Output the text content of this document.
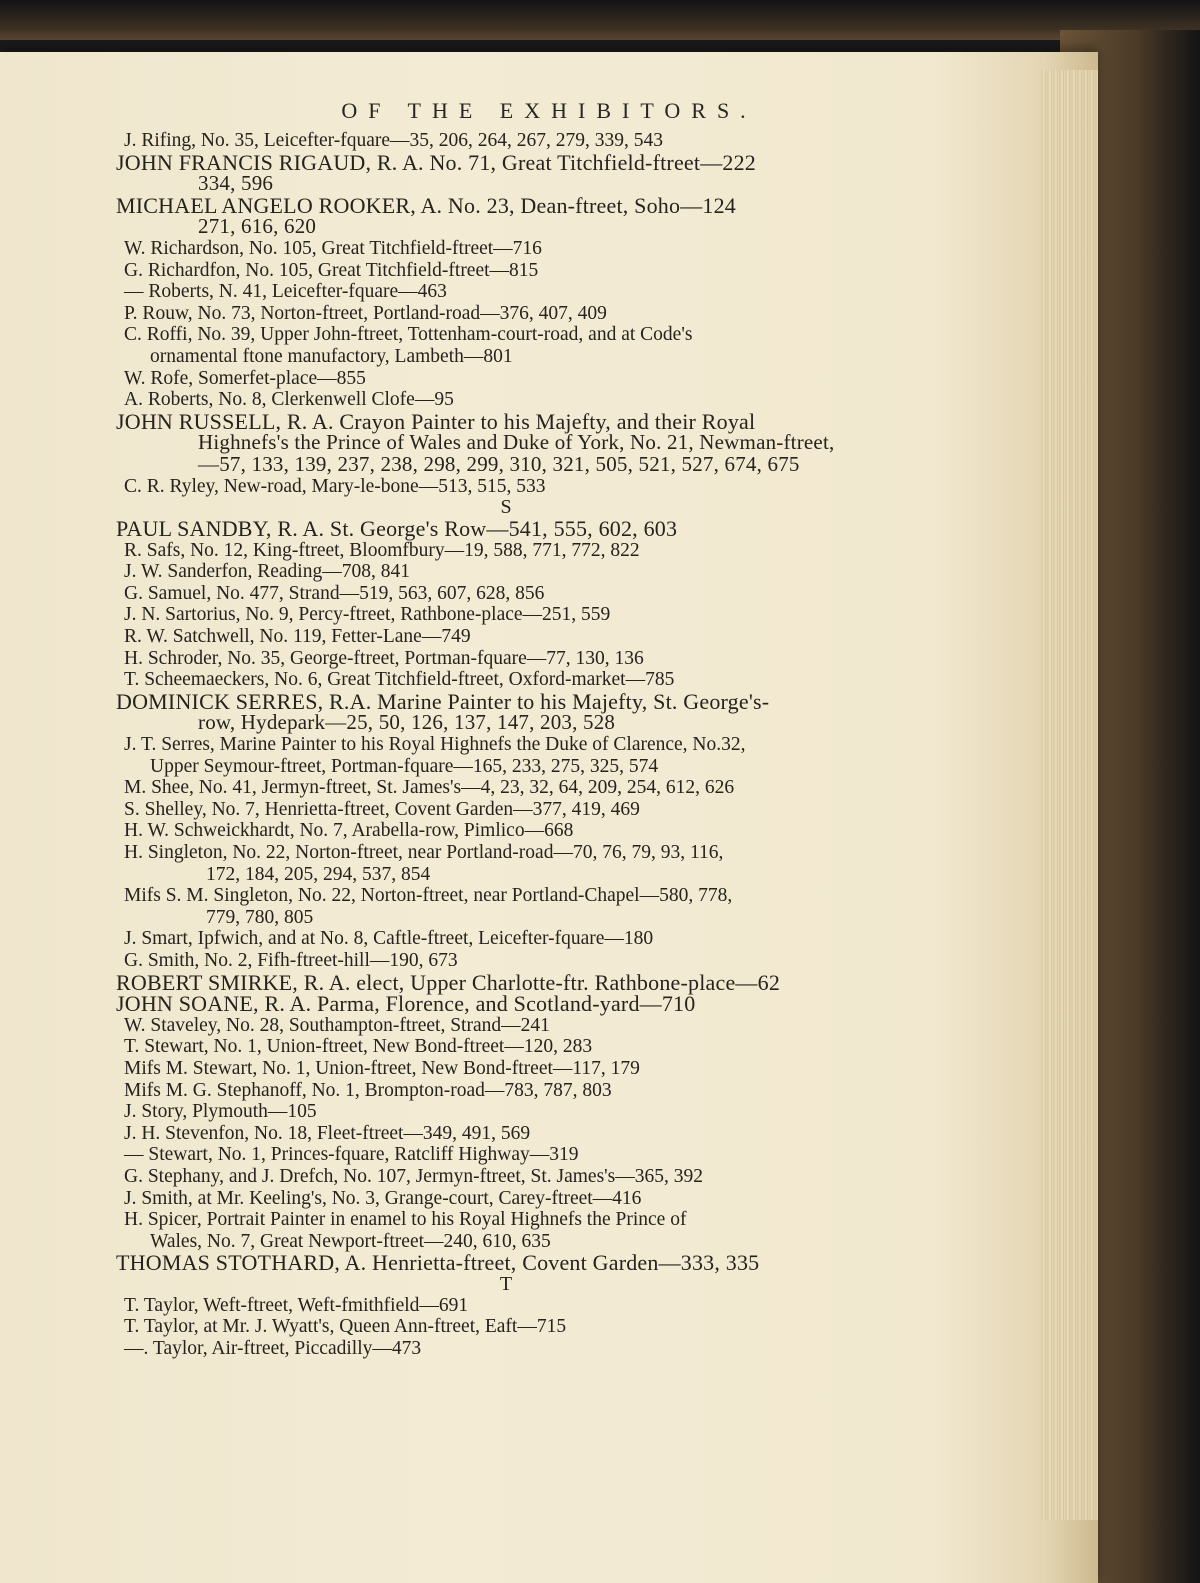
OF THE EXHIBITORS.
J. Rifing, No. 35, Leicefter-fquare—35, 206, 264, 267, 279, 339, 543
JOHN FRANCIS RIGAUD, R. A. No. 71, Great Titchfield-ftreet—222
334, 596
MICHAEL ANGELO ROOKER, A. No. 23, Dean-ftreet, Soho—124
271, 616, 620
W. Richardson, No. 105, Great Titchfield-ftreet—716
G. Richardfon, No. 105, Great Titchfield-ftreet—815
— Roberts, N. 41, Leicefter-fquare—463
P. Rouw, No. 73, Norton-ftreet, Portland-road—376, 407, 409
C. Roffi, No. 39, Upper John-ftreet, Tottenham-court-road, and at Code's
ornamental ftone manufactory, Lambeth—801
W. Rofe, Somerfet-place—855
A. Roberts, No. 8, Clerkenwell Clofe—95
JOHN RUSSELL, R. A. Crayon Painter to his Majefty, and their Royal
Highnefs's the Prince of Wales and Duke of York, No. 21, Newman-ftreet,
—57, 133, 139, 237, 238, 298, 299, 310, 321, 505, 521, 527, 674, 675
C. R. Ryley, New-road, Mary-le-bone—513, 515, 533
S
PAUL SANDBY, R. A. St. George's Row—541, 555, 602, 603
R. Safs, No. 12, King-ftreet, Bloomfbury—19, 588, 771, 772, 822
J. W. Sanderfon, Reading—708, 841
G. Samuel, No. 477, Strand—519, 563, 607, 628, 856
J. N. Sartorius, No. 9, Percy-ftreet, Rathbone-place—251, 559
R. W. Satchwell, No. 119, Fetter-Lane—749
H. Schroder, No. 35, George-ftreet, Portman-fquare—77, 130, 136
T. Scheemaeckers, No. 6, Great Titchfield-ftreet, Oxford-market—785
DOMINICK SERRES, R.A. Marine Painter to his Majefty, St. George's-
row, Hydepark—25, 50, 126, 137, 147, 203, 528
J. T. Serres, Marine Painter to his Royal Highnefs the Duke of Clarence, No.32,
Upper Seymour-ftreet, Portman-fquare—165, 233, 275, 325, 574
M. Shee, No. 41, Jermyn-ftreet, St. James's—4, 23, 32, 64, 209, 254, 612, 626
S. Shelley, No. 7, Henrietta-ftreet, Covent Garden—377, 419, 469
H. W. Schweickhardt, No. 7, Arabella-row, Pimlico—668
H. Singleton, No. 22, Norton-ftreet, near Portland-road—70, 76, 79, 93, 116,
172, 184, 205, 294, 537, 854
Mifs S. M. Singleton, No. 22, Norton-ftreet, near Portland-Chapel—580, 778,
779, 780, 805
J. Smart, Ipfwich, and at No. 8, Caftle-ftreet, Leicefter-fquare—180
G. Smith, No. 2, Fifh-ftreet-hill—190, 673
ROBERT SMIRKE, R. A. elect, Upper Charlotte-ftr. Rathbone-place—62
JOHN SOANE, R. A. Parma, Florence, and Scotland-yard—710
W. Staveley, No. 28, Southampton-ftreet, Strand—241
T. Stewart, No. 1, Union-ftreet, New Bond-ftreet—120, 283
Mifs M. Stewart, No. 1, Union-ftreet, New Bond-ftreet—117, 179
Mifs M. G. Stephanoff, No. 1, Brompton-road—783, 787, 803
J. Story, Plymouth—105
J. H. Stevenfon, No. 18, Fleet-ftreet—349, 491, 569
— Stewart, No. 1, Princes-fquare, Ratcliff Highway—319
G. Stephany, and J. Drefch, No. 107, Jermyn-ftreet, St. James's—365, 392
J. Smith, at Mr. Keeling's, No. 3, Grange-court, Carey-ftreet—416
H. Spicer, Portrait Painter in enamel to his Royal Highnefs the Prince of
Wales, No. 7, Great Newport-ftreet—240, 610, 635
THOMAS STOTHARD, A. Henrietta-ftreet, Covent Garden—333, 335
T
T. Taylor, Weft-ftreet, Weft-fmithfield—691
T. Taylor, at Mr. J. Wyatt's, Queen Ann-ftreet, Eaft—715
—. Taylor, Air-ftreet, Piccadilly—473
